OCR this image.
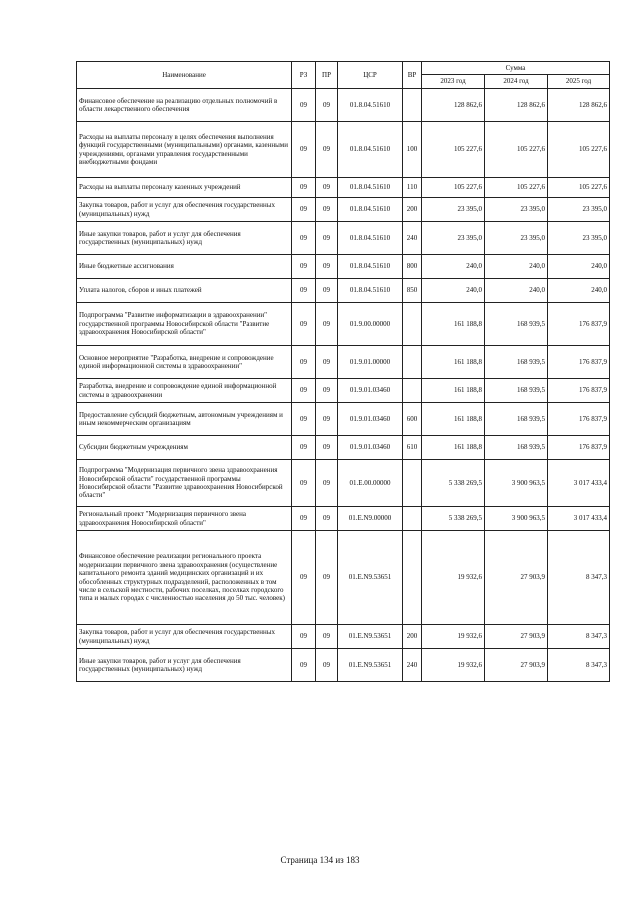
Наименование	РЗ	ПР	ЦСР	ВР	Сумма		
					2023 год	2024 год	2025 год
Финансовое обеспечение на реализацию отдельных полномочий в области лекарственного обеспечения	09	09	01.8.04.51610		128 862,6	128 862,6	128 862,6
Расходы на выплаты персоналу в целях обеспечения выполнения функций государственными (муниципальными) органами, казенными учреждениями, органами управления государственными внебюджетными фондами	09	09	01.8.04.51610	100	105 227,6	105 227,6	105 227,6
Расходы на выплаты персоналу казенных учреждений	09	09	01.8.04.51610	110	105 227,6	105 227,6	105 227,6
Закупка товаров, работ и услуг для обеспечения государственных (муниципальных) нужд	09	09	01.8.04.51610	200	23 395,0	23 395,0	23 395,0
Иные закупки товаров, работ и услуг для обеспечения государственных (муниципальных) нужд	09	09	01.8.04.51610	240	23 395,0	23 395,0	23 395,0
Иные бюджетные ассигнования	09	09	01.8.04.51610	800	240,0	240,0	240,0
Уплата налогов, сборов и иных платежей	09	09	01.8.04.51610	850	240,0	240,0	240,0
Подпрограмма "Развитие информатизации в здравоохранении" государственной программы Новосибирской области "Развитие здравоохранения Новосибирской области"	09	09	01.9.00.00000		161 188,8	168 939,5	176 837,9
Основное мероприятие "Разработка, внедрение и сопровождение единой информационной системы в здравоохранении"	09	09	01.9.01.00000		161 188,8	168 939,5	176 837,9
Разработка, внедрение и сопровождение единой информационной системы в здравоохранении	09	09	01.9.01.03460		161 188,8	168 939,5	176 837,9
Предоставление субсидий бюджетным, автономным учреждениям и иным некоммерческим организациям	09	09	01.9.01.03460	600	161 188,8	168 939,5	176 837,9
Субсидии бюджетным учреждениям	09	09	01.9.01.03460	610	161 188,8	168 939,5	176 837,9
Подпрограмма "Модернизация первичного звена здравоохранения Новосибирской области" государственной программы Новосибирской области "Развитие здравоохранения Новосибирской области"	09	09	01.Е.00.00000		5 338 269,5	3 900 963,5	3 017 433,4
Региональный проект "Модернизация первичного звена здравоохранения Новосибирской области"	09	09	01.Е.N9.00000		5 338 269,5	3 900 963,5	3 017 433,4
Финансовое обеспечение реализации регионального проекта модернизации первичного звена здравоохранения (осуществление капитального ремонта зданий медицинских организаций и их обособленных структурных подразделений, расположенных в том числе в сельской местности, рабочих поселках, поселках городского типа и малых городах с численностью населения до 50 тыс. человек)	09	09	01.Е.N9.53651		19 932,6	27 903,9	8 347,3
Закупка товаров, работ и услуг для обеспечения государственных (муниципальных) нужд	09	09	01.Е.N9.53651	200	19 932,6	27 903,9	8 347,3
Иные закупки товаров, работ и услуг для обеспечения государственных (муниципальных) нужд	09	09	01.Е.N9.53651	240	19 932,6	27 903,9	8 347,3
Страница 134 из 183
